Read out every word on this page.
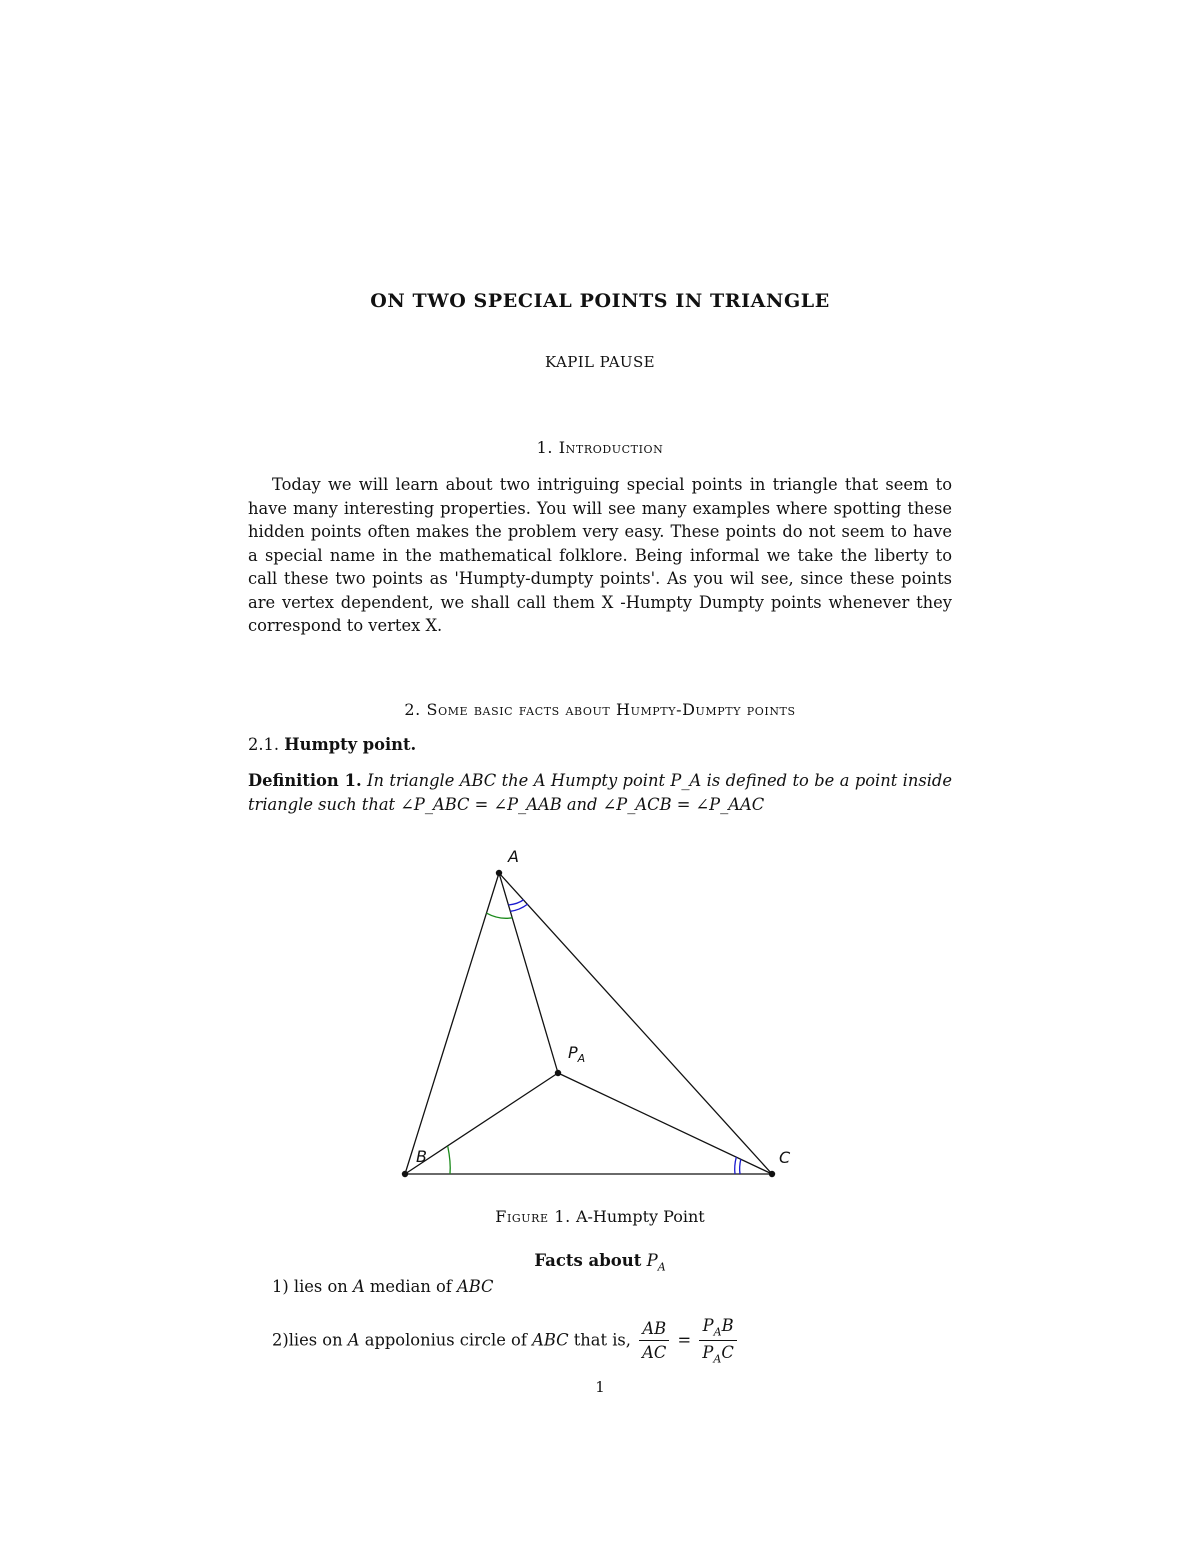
ON TWO SPECIAL POINTS IN TRIANGLE
KAPIL PAUSE
1. Introduction

Today we will learn about two intriguing special points in triangle that seem to have many interesting properties. You will see many examples where spotting these hidden points often makes the problem very easy. These points do not seem to have a special name in the mathematical folklore. Being informal we take the liberty to call these two points as 'Humpty-dumpty points'. As you wil see, since these points are vertex dependent, we shall call them X -Humpty Dumpty points whenever they correspond to vertex X.

2. Some basic facts about Humpty-Dumpty points
2.1. Humpty point.

Definition 1. In triangle ABC the A Humpty point P_A is defined to be a point inside triangle such that ∠P_ABC = ∠P_AAB and ∠P_ACB = ∠P_AAC

A
B	C
$P_A$
Figure 1. A-Humpty Point
Facts about $P_A$
1) lies on A median of ABC
2)lies on A appolonius circle of ABC that is, $\frac{AB}{AC} = \frac{P_AB}{P_AC}$
1
